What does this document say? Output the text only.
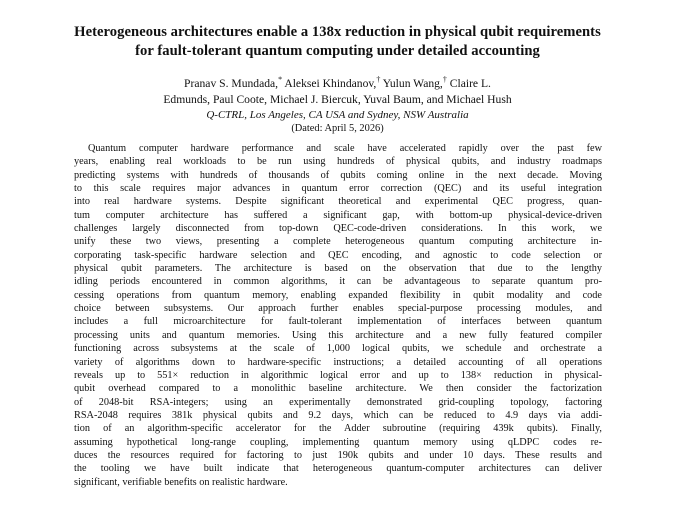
Heterogeneous architectures enable a 138x reduction in physical qubit requirements
for fault-tolerant quantum computing under detailed accounting
Pranav S. Mundada,* Aleksei Khindanov,† Yulun Wang,† Claire L.
Edmunds, Paul Coote, Michael J. Biercuk, Yuval Baum, and Michael Hush
Q-CTRL, Los Angeles, CA USA and Sydney, NSW Australia
(Dated: April 5, 2026)
Quantum computer hardware performance and scale have accelerated rapidly over the past few
years, enabling real workloads to be run using hundreds of physical qubits, and industry roadmaps
predicting systems with hundreds of thousands of qubits coming online in the next decade. Moving
to this scale requires major advances in quantum error correction (QEC) and its useful integration
into real hardware systems. Despite significant theoretical and experimental QEC progress, quan-
tum computer architecture has suffered a significant gap, with bottom-up physical-device-driven
challenges largely disconnected from top-down QEC-code-driven considerations. In this work, we
unify these two views, presenting a complete heterogeneous quantum computing architecture in-
corporating task-specific hardware selection and QEC encoding, and agnostic to code selection or
physical qubit parameters. The architecture is based on the observation that due to the lengthy
idling periods encountered in common algorithms, it can be advantageous to separate quantum pro-
cessing operations from quantum memory, enabling expanded flexibility in qubit modality and code
choice between subsystems. Our approach further enables special-purpose processing modules, and
includes a full microarchitecture for fault-tolerant implementation of interfaces between quantum
processing units and quantum memories. Using this architecture and a new fully featured compiler
functioning across subsystems at the scale of 1,000 logical qubits, we schedule and orchestrate a
variety of algorithms down to hardware-specific instructions; a detailed accounting of all operations
reveals up to 551× reduction in algorithmic logical error and up to 138× reduction in physical-
qubit overhead compared to a monolithic baseline architecture. We then consider the factorization
of 2048-bit RSA-integers; using an experimentally demonstrated grid-coupling topology, factoring
RSA-2048 requires 381k physical qubits and 9.2 days, which can be reduced to 4.9 days via addi-
tion of an algorithm-specific accelerator for the Adder subroutine (requiring 439k qubits). Finally,
assuming hypothetical long-range coupling, implementing quantum memory using qLDPC codes re-
duces the resources required for factoring to just 190k qubits and under 10 days. These results and
the tooling we have built indicate that heterogeneous quantum-computer architectures can deliver
significant, verifiable benefits on realistic hardware.
